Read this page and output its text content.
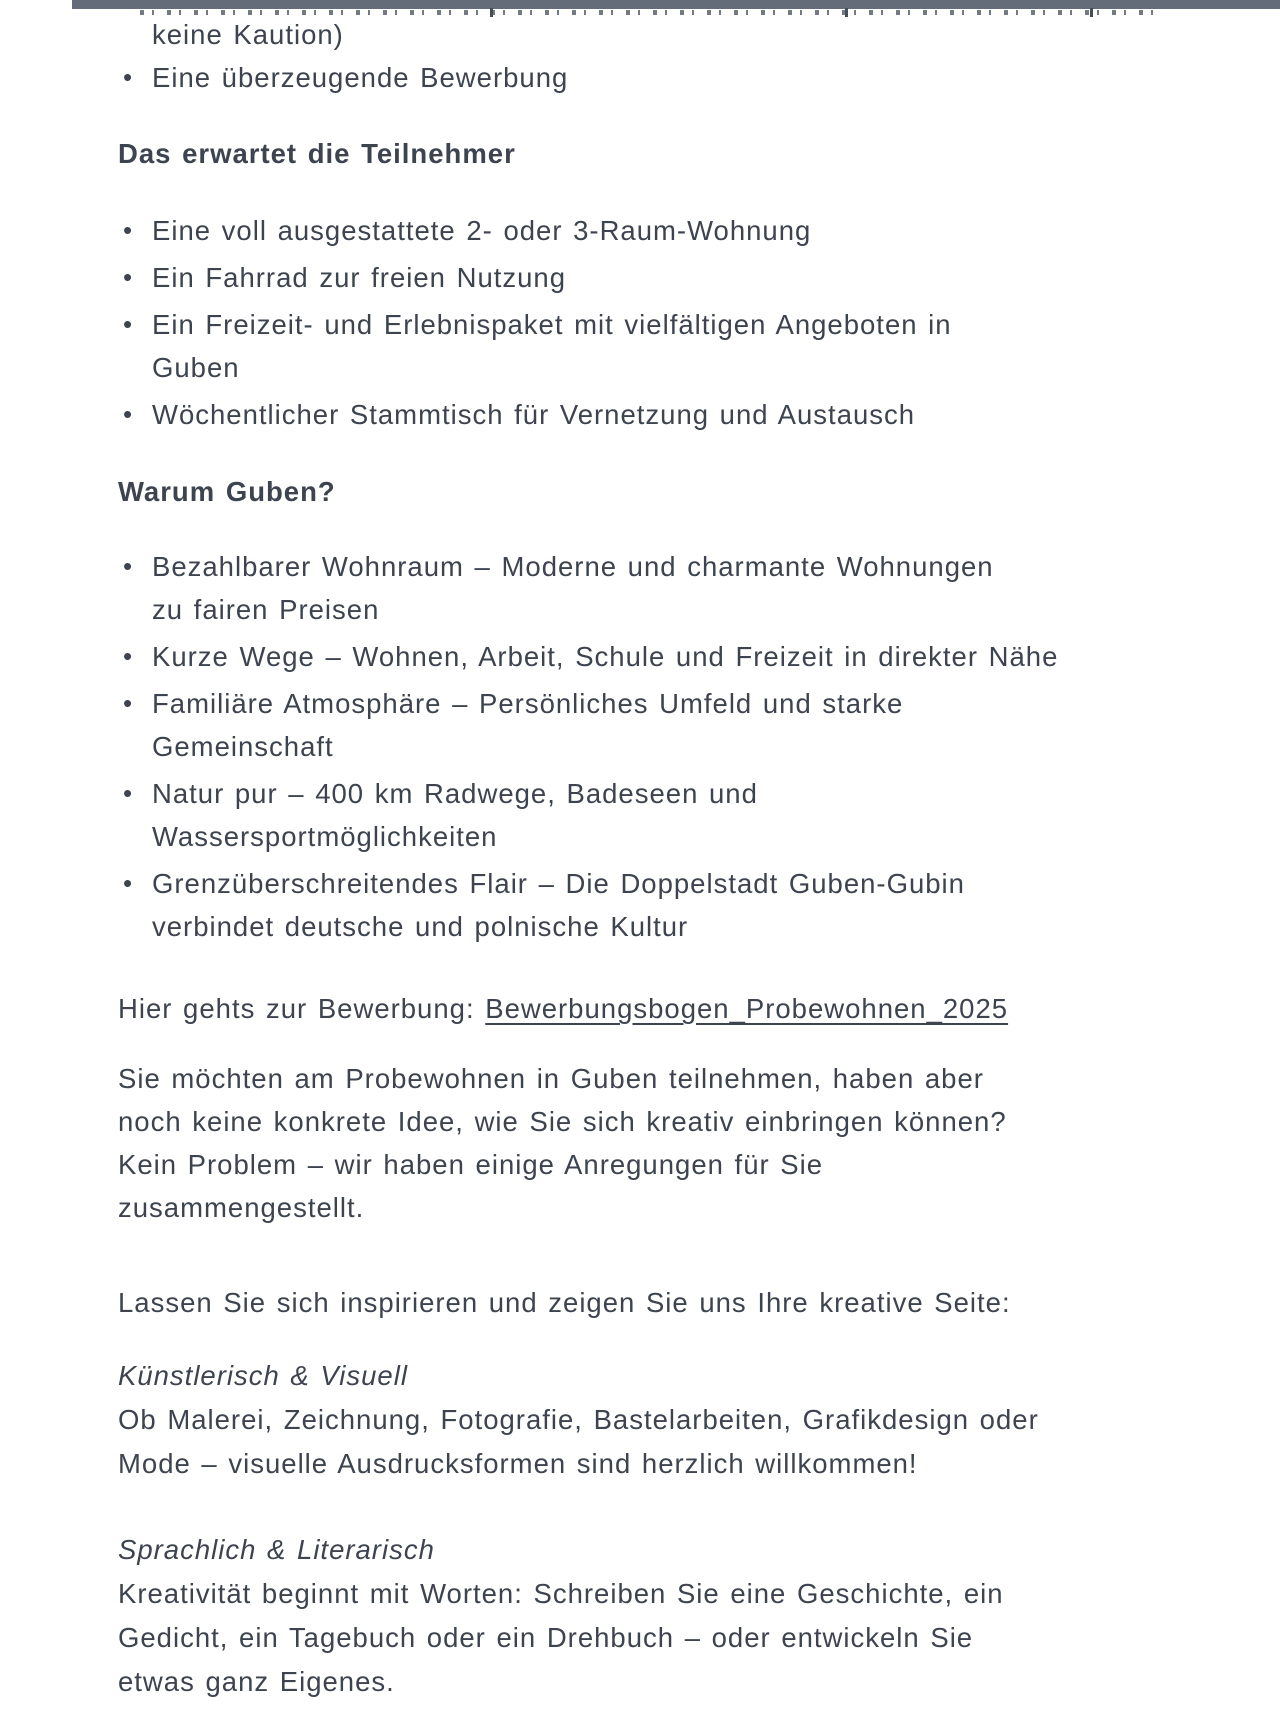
keine Kaution)
• Eine überzeugende Bewerbung
Das erwartet die Teilnehmer
• Eine voll ausgestattete 2- oder 3-Raum-Wohnung
• Ein Fahrrad zur freien Nutzung
• Ein Freizeit- und Erlebnispaket mit vielfältigen Angeboten in
Guben
• Wöchentlicher Stammtisch für Vernetzung und Austausch
Warum Guben?
• Bezahlbarer Wohnraum – Moderne und charmante Wohnungen
zu fairen Preisen
• Kurze Wege – Wohnen, Arbeit, Schule und Freizeit in direkter Nähe
• Familiäre Atmosphäre – Persönliches Umfeld und starke
Gemeinschaft
• Natur pur – 400 km Radwege, Badeseen und
Wassersportmöglichkeiten
• Grenzüberschreitendes Flair – Die Doppelstadt Guben-Gubin
verbindet deutsche und polnische Kultur
Hier gehts zur Bewerbung: Bewerbungsbogen_Probewohnen_2025
Sie möchten am Probewohnen in Guben teilnehmen, haben aber
noch keine konkrete Idee, wie Sie sich kreativ einbringen können?
Kein Problem – wir haben einige Anregungen für Sie
zusammengestellt.
Lassen Sie sich inspirieren und zeigen Sie uns Ihre kreative Seite:
Künstlerisch & Visuell
Ob Malerei, Zeichnung, Fotografie, Bastelarbeiten, Grafikdesign oder
Mode – visuelle Ausdrucksformen sind herzlich willkommen!
Sprachlich & Literarisch
Kreativität beginnt mit Worten: Schreiben Sie eine Geschichte, ein
Gedicht, ein Tagebuch oder ein Drehbuch – oder entwickeln Sie
etwas ganz Eigenes.
